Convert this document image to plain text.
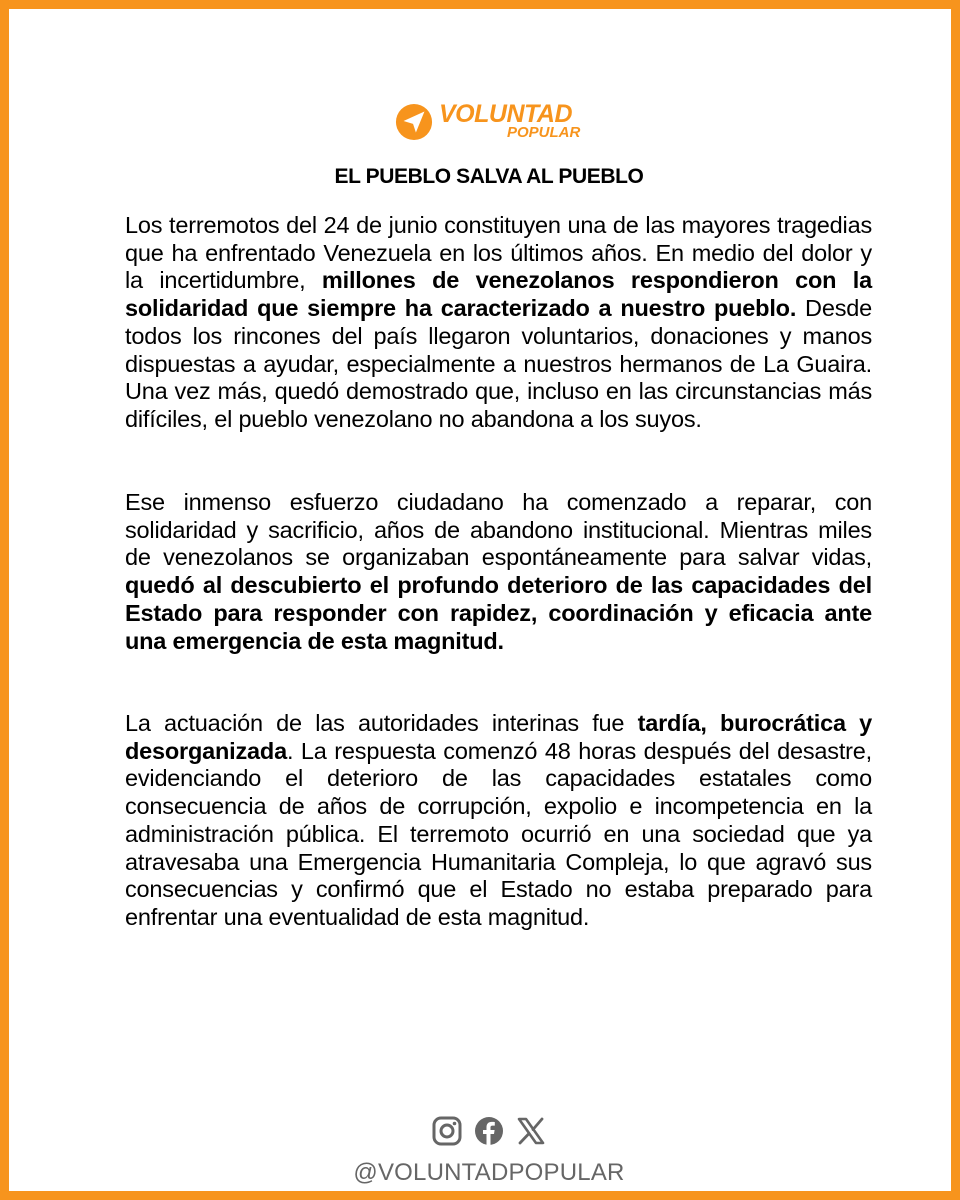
VOLUNTAD
POPULAR
EL PUEBLO SALVA AL PUEBLO

Los terremotos del 24 de junio constituyen una de las mayores tragedias que ha enfrentado Venezuela en los últimos años. En medio del dolor y la incertidumbre, millones de venezolanos respondieron con la solidaridad que siempre ha caracterizado a nuestro pueblo. Desde todos los rincones del país llegaron voluntarios, donaciones y manos dispuestas a ayudar, especialmente a nuestros hermanos de La Guaira. Una vez más, quedó demostrado que, incluso en las circunstancias más difíciles, el pueblo venezolano no abandona a los suyos.

Ese inmenso esfuerzo ciudadano ha comenzado a reparar, con solidaridad y sacrificio, años de abandono institucional. Mientras miles de venezolanos se organizaban espontáneamente para salvar vidas, quedó al descubierto el profundo deterioro de las capacidades del Estado para responder con rapidez, coordinación y eficacia ante una emergencia de esta magnitud.

La actuación de las autoridades interinas fue tardía, burocrática y desorganizada. La respuesta comenzó 48 horas después del desastre, evidenciando el deterioro de las capacidades estatales como consecuencia de años de corrupción, expolio e incompetencia en la administración pública. El terremoto ocurrió en una sociedad que ya atravesaba una Emergencia Humanitaria Compleja, lo que agravó sus consecuencias y confirmó que el Estado no estaba preparado para enfrentar una eventualidad de esta magnitud.

@VOLUNTADPOPULAR
